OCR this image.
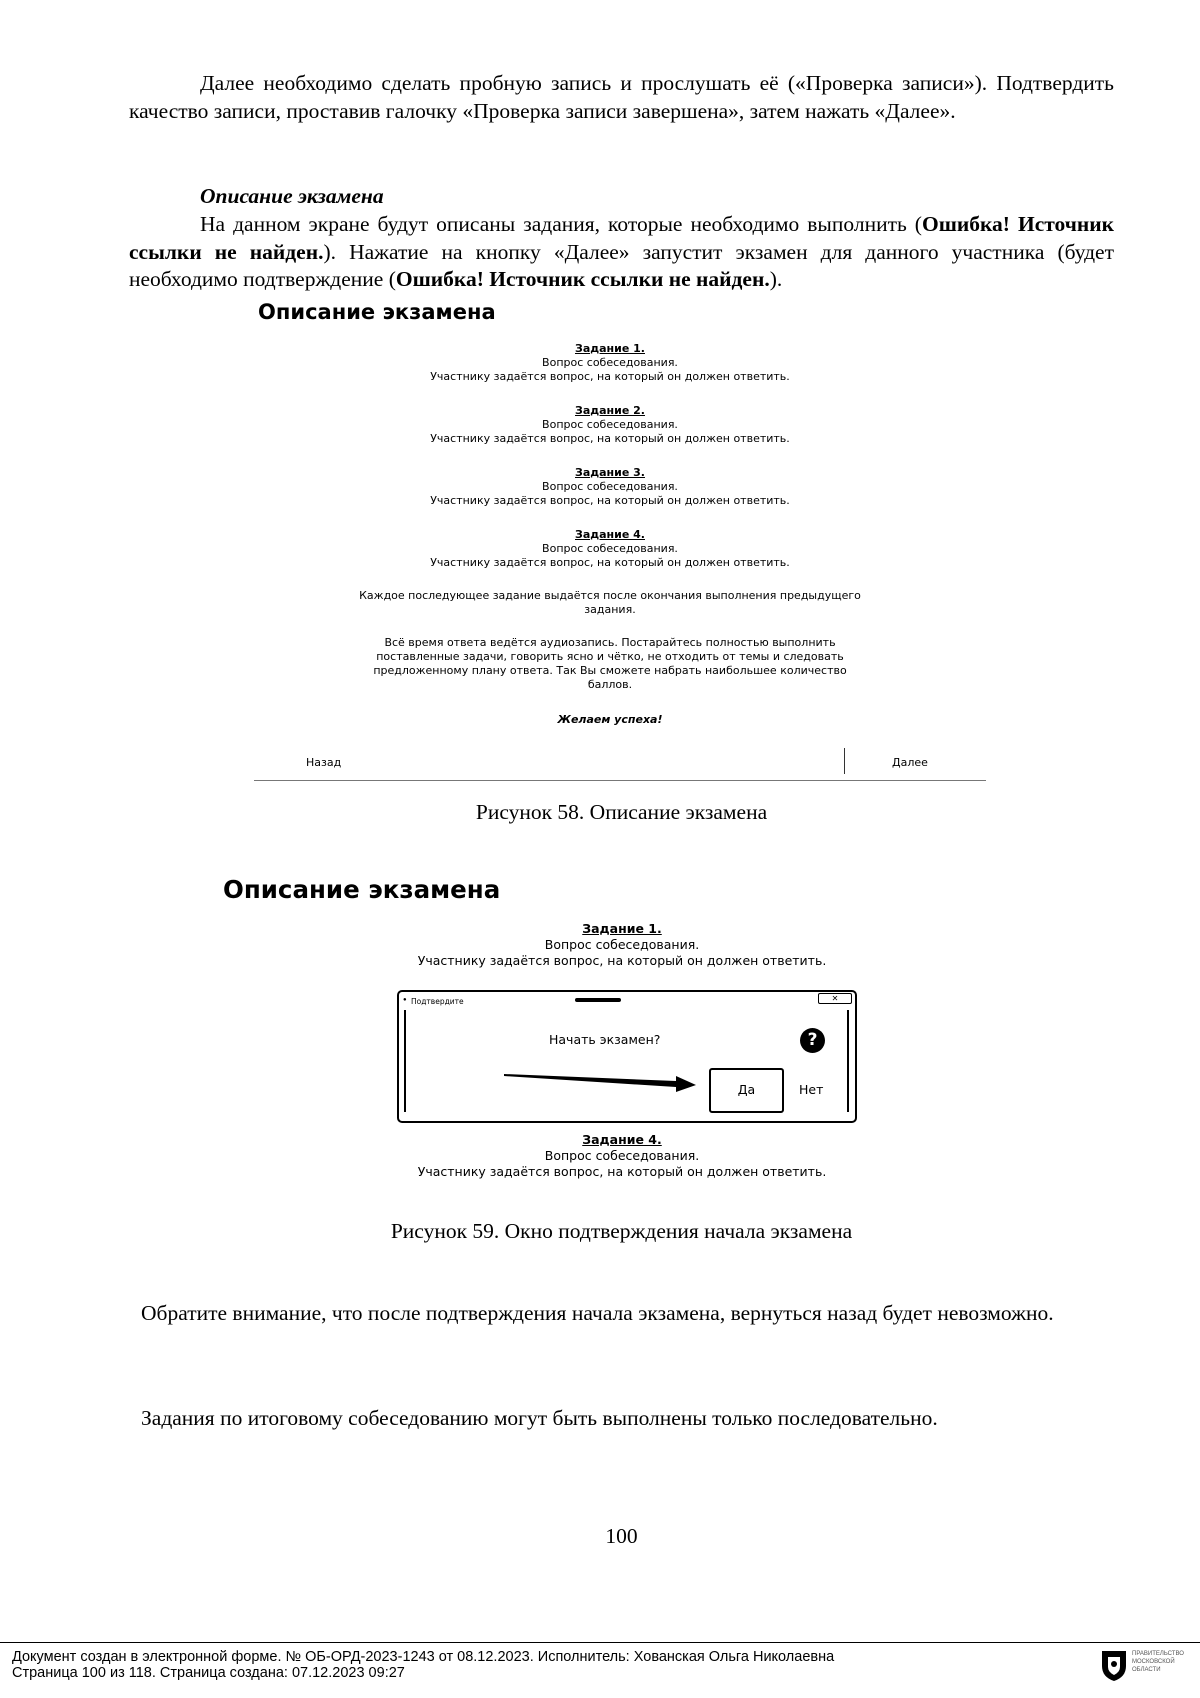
Далее необходимо сделать пробную запись и прослушать её («Проверка записи»). Подтвердить качество записи, проставив галочку «Проверка записи завершена», затем нажать «Далее».
Описание экзамена
На данном экране будут описаны задания, которые необходимо выполнить (Ошибка! Источник ссылки не найден.). Нажатие на кнопку «Далее» запустит экзамен для данного участника (будет необходимо подтверждение (Ошибка! Источник ссылки не найден.).
Описание экзамена
Задание 1.
Вопрос собеседования.
Участнику задаётся вопрос, на который он должен ответить.
Задание 2.
Вопрос собеседования.
Участнику задаётся вопрос, на который он должен ответить.
Задание 3.
Вопрос собеседования.
Участнику задаётся вопрос, на который он должен ответить.
Задание 4.
Вопрос собеседования.
Участнику задаётся вопрос, на который он должен ответить.
Каждое последующее задание выдаётся после окончания выполнения предыдущего
задания.
Всё время ответа ведётся аудиозапись. Постарайтесь полностью выполнить
поставленные задачи, говорить ясно и чётко, не отходить от темы и следовать
предложенному плану ответа. Так Вы сможете набрать наибольшее количество
баллов.
Желаем успеха!
Назад	Далее
Рисунок 58. Описание экзамена
Описание экзамена
Задание 1.
Вопрос собеседования.
Участнику задаётся вопрос, на который он должен ответить.
● Подтвердите	✕
Начать экзамен?	?
Да	Нет
Задание 4.
Вопрос собеседования.
Участнику задаётся вопрос, на который он должен ответить.
Рисунок 59. Окно подтверждения начала экзамена
Обратите внимание, что после подтверждения начала экзамена, вернуться назад будет невозможно.
Задания по итоговому собеседованию могут быть выполнены только последовательно.
100
Документ создан в электронной форме. № ОБ-ОРД-2023-1243 от 08.12.2023. Исполнитель: Хованская Ольга Николаевна
Страница 100 из 118. Страница создана: 07.12.2023 09:27
ПРАВИТЕЛЬСТВО МОСКОВСКОЙ ОБЛАСТИ
